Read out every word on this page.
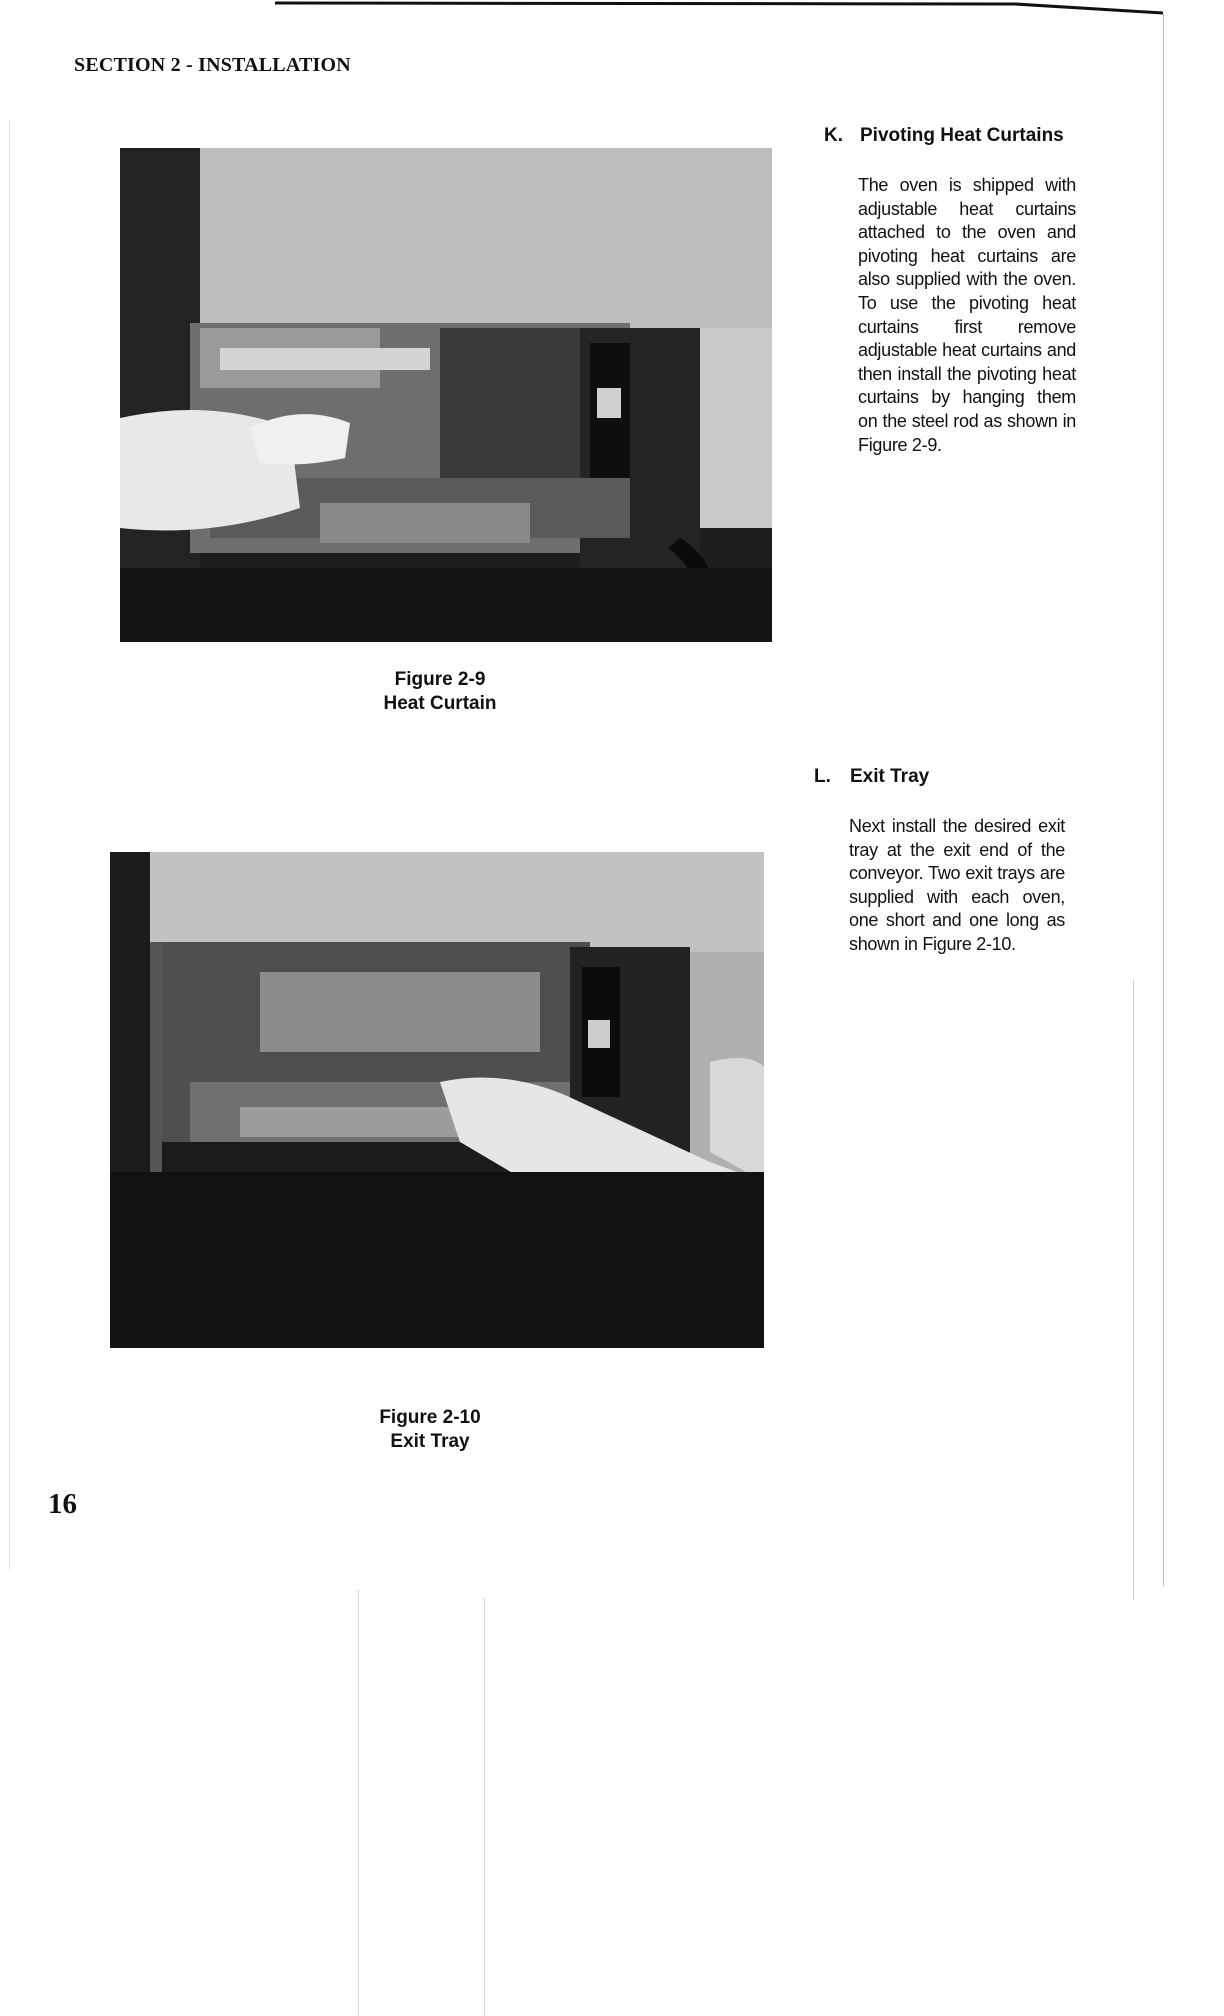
SECTION 2 - INSTALLATION
Figure 2-9
Heat Curtain
Figure 2-10
Exit Tray
K. Pivoting Heat Curtains
The oven is shipped with adjustable heat curtains attached to the oven and pivoting heat curtains are also supplied with the oven. To use the pivoting heat curtains first remove adjustable heat curtains and then install the pivoting heat curtains by hanging them on the steel rod as shown in Figure 2-9.
L. Exit Tray
Next install the desired exit tray at the exit end of the conveyor. Two exit trays are supplied with each oven, one short and one long as shown in Figure 2-10.
16
